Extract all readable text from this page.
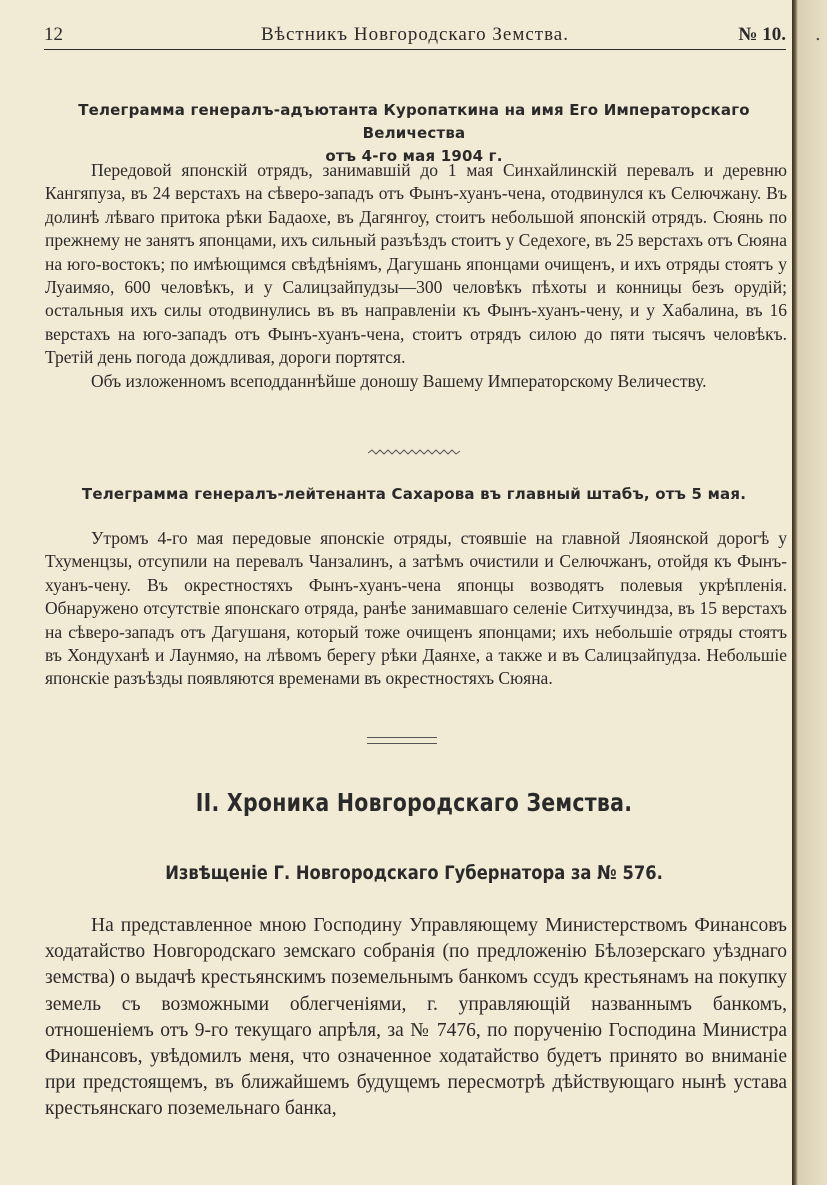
12	Вѣстникъ Новгородскаго Земства.	№ 10.
Телеграмма генералъ-адъютанта Куропаткина на имя Его Императорскаго Величества
отъ 4-го мая 1904 г.

Передовой японскій отрядъ, занимавшій до 1 мая Синхайлинскій перевалъ и деревню Кангяпуза, въ 24 верстахъ на сѣверо-западъ отъ Фынъ-хуанъ-чена, отодвинулся къ Селючжану. Въ долинѣ лѣваго притока рѣки Бадаохе, въ Дагянгоу, стоитъ небольшой японскій отрядъ. Сюянь по прежнему не занятъ японцами, ихъ сильный разъѣздъ стоитъ у Седехоге, въ 25 верстахъ отъ Сюяна на юго-востокъ; по имѣющимся свѣдѣніямъ, Дагушань японцами очищенъ, и ихъ отряды стоятъ у Луаимяо, 600 человѣкъ, и у Салицзайпудзы—300 человѣкъ пѣхоты и конницы безъ орудій; остальныя ихъ силы отодвинулись въ въ направленіи къ Фынъ-хуанъ-чену, и у Хабалина, въ 16 верстахъ на юго-западъ отъ Фынъ-хуанъ-чена, стоитъ отрядъ силою до пяти тысячъ человѣкъ. Третій день погода дождливая, дороги портятся.

Объ изложенномъ всеподданнѣйше доношу Вашему Императорскому Величеству.

Телеграмма генералъ-лейтенанта Сахарова въ главный штабъ, отъ 5 мая.

Утромъ 4-го мая передовые японскіе отряды, стоявшіе на главной Ляоянской дорогѣ у Тхуменцзы, отсупили на перевалъ Чанзалинъ, а затѣмъ очистили и Селючжанъ, отойдя къ Фынъ-хуанъ-чену. Въ окрестностяхъ Фынъ-хуанъ-чена японцы возводятъ полевыя укрѣпленія. Обнаружено отсутствіе японскаго отряда, ранѣе занимавшаго селеніе Ситхучиндза, въ 15 верстахъ на сѣверо-западъ отъ Дагушаня, который тоже очищенъ японцами; ихъ небольшіе отряды стоятъ въ Хондуханѣ и Лаунмяо, на лѣвомъ берегу рѣки Даянхе, а также и въ Салицзайпудза. Небольшіе японскіе разъѣзды появляются временами въ окрестностяхъ Сюяна.

II. Хроника Новгородскаго Земства.
Извѣщеніе Г. Новгородскаго Губернатора за № 576.

На представленное мною Господину Управляющему Министерствомъ Финансовъ ходатайство Новгородскаго земскаго собранія (по предложенію Бѣлозерскаго уѣзднаго земства) о выдачѣ крестьянскимъ поземельнымъ банкомъ ссудъ крестьянамъ на покупку земель съ возможными облегченіями, г. управляющій названнымъ банкомъ, отношеніемъ отъ 9-го текущаго апрѣля, за № 7476, по порученію Господина Министра Финансовъ, увѣдомилъ меня, что означенное ходатайство будетъ принято во вниманіе при предстоящемъ, въ ближайшемъ будущемъ пересмотрѣ дѣйствующаго нынѣ устава крестьянскаго поземельнаго банка,

.
